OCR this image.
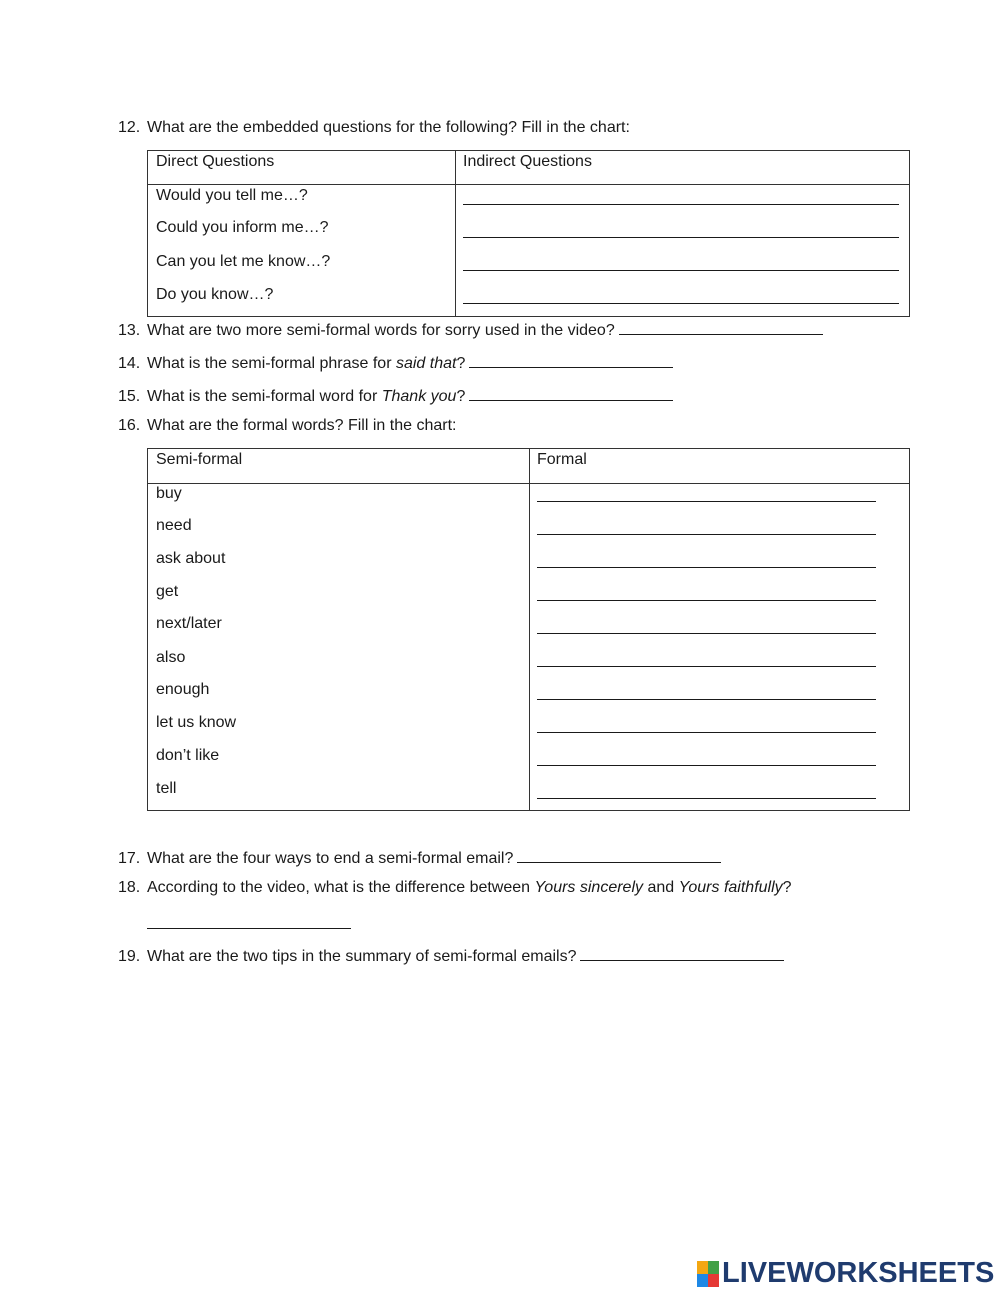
12. What are the embedded questions for the following? Fill in the chart:
Direct Questions	Indirect Questions
Would you tell me…?
Could you inform me…?
Can you let me know…?
Do you know…?
13. What are two more semi-formal words for sorry used in the video?
14. What is the semi-formal phrase for said that?
15. What is the semi-formal word for Thank you?
16. What are the formal words? Fill in the chart:
Semi-formal	Formal
buy
need
ask about
get
next/later
also
enough
let us know
don’t like
tell
17. What are the four ways to end a semi-formal email?
18. According to the video, what is the difference between Yours sincerely and Yours faithfully?
19. What are the two tips in the summary of semi-formal emails?
LIVEWORKSHEETS
